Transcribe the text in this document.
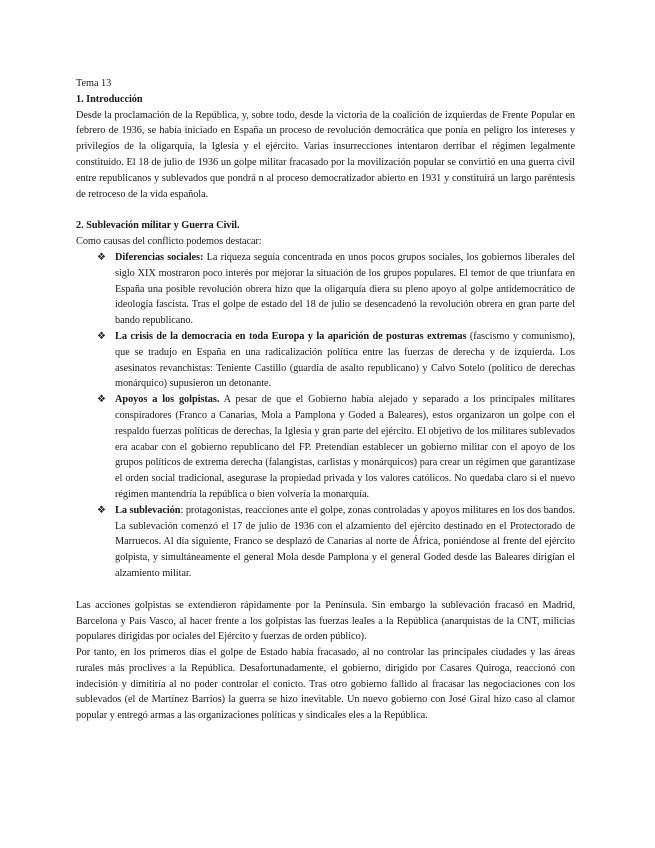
Tema 13
1. Introducción

Desde la proclamación de la República, y, sobre todo, desde la victoria de la coalición de izquierdas de Frente Popular en febrero de 1936, se había iniciado en España un proceso de revolución democrática que ponía en peligro los intereses y privilegios de la oligarquía, la Iglesia y el ejército. Varias insurrecciones intentaron derribar el régimen legalmente constituido. El 18 de julio de 1936 un golpe militar fracasado por la movilización popular se convirtió en una guerra civil entre republicanos y sublevados que pondrá n al proceso democratizador abierto en 1931 y constituirá un largo paréntesis de retroceso de la vida española.

2. Sublevación militar y Guerra Civil.
Como causas del conflicto podemos destacar:
❖ Diferencias sociales: La riqueza seguía concentrada en unos pocos grupos sociales, los gobiernos liberales del siglo XIX mostraron poco interés por mejorar la situación de los grupos populares. El temor de que triunfara en España una posible revolución obrera hizo que la oligarquía diera su pleno apoyo al golpe antidemocrático de ideología fascista. Tras el golpe de estado del 18 de julio se desencadenó la revolución obrera en gran parte del bando republicano.
❖ La crisis de la democracia en toda Europa y la aparición de posturas extremas (fascismo y comunismo), que se tradujo en España en una radicalización política entre las fuerzas de derecha y de izquierda. Los asesinatos revanchistas: Teniente Castillo (guardia de asalto republicano) y Calvo Sotelo (político de derechas monárquico) supusieron un detonante.
❖ Apoyos a los golpistas. A pesar de que el Gobierno había alejado y separado a los principales militares conspiradores (Franco a Canarias, Mola a Pamplona y Goded a Baleares), estos organizaron un golpe con el respaldo fuerzas políticas de derechas, la Iglesia y gran parte del ejército. El objetivo de los militares sublevados era acabar con el gobierno republicano del FP. Pretendían establecer un gobierno militar con el apoyo de los grupos políticos de extrema derecha (falangistas, carlistas y monárquicos) para crear un régimen que garantizase el orden social tradicional, asegurase la propiedad privada y los valores católicos. No quedaba claro si el nuevo régimen mantendría la república o bien volvería la monarquía.
❖ La sublevación: protagonistas, reacciones ante el golpe, zonas controladas y apoyos militares en los dos bandos. La sublevación comenzó el 17 de julio de 1936 con el alzamiento del ejército destinado en el Protectorado de Marruecos. Al día siguiente, Franco se desplazó de Canarias al norte de África, poniéndose al frente del ejército golpista, y simultáneamente el general Mola desde Pamplona y el general Goded desde las Baleares dirigían el alzamiento militar.

Las acciones golpistas se extendieron rápidamente por la Península. Sin embargo la sublevación fracasó en Madrid, Barcelona y País Vasco, al hacer frente a los golpistas las fuerzas leales a la República (anarquistas de la CNT, milicias populares dirigidas por ociales del Ejército y fuerzas de orden público).

Por tanto, en los primeros días el golpe de Estado había fracasado, al no controlar las principales ciudades y las áreas rurales más proclives a la República. Desafortunadamente, el gobierno, dirigido por Casares Quiroga, reaccionó con indecisión y dimitiría al no poder controlar el conicto. Tras otro gobierno fallido al fracasar las negociaciones con los sublevados (el de Martínez Barrios) la guerra se hizo inevitable. Un nuevo gobierno con José Giral hizo caso al clamor popular y entregó armas a las organizaciones políticas y sindicales eles a la República.
